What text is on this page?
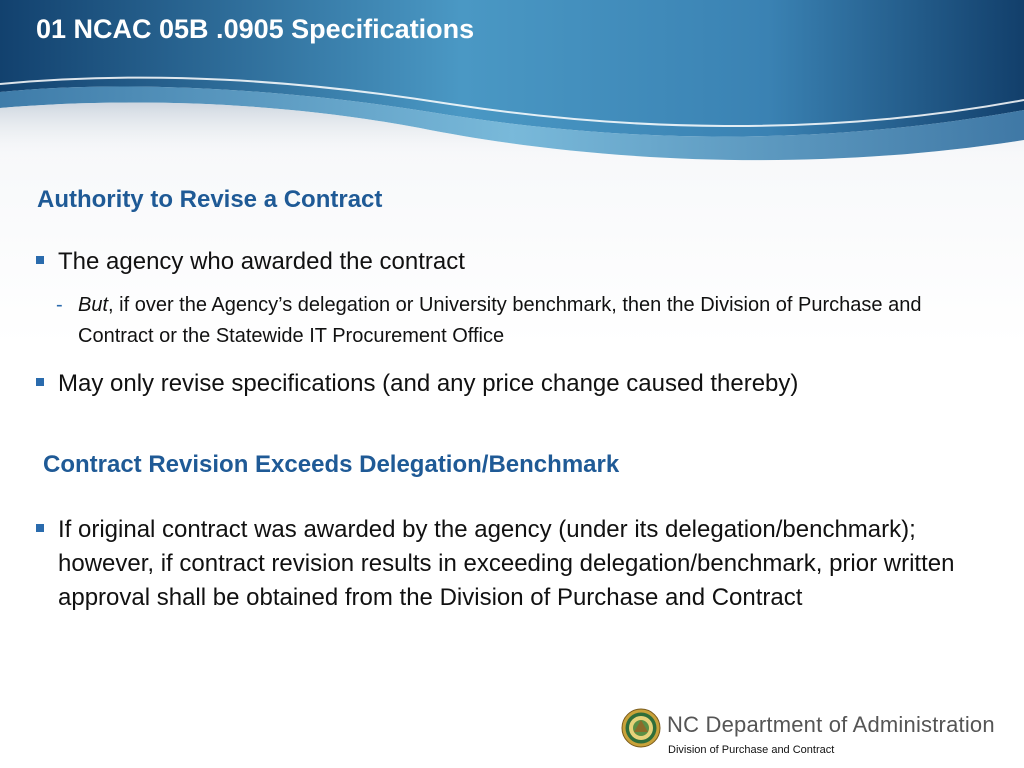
01 NCAC 05B .0905 Specifications
Authority to Revise a Contract

The agency who awarded the contract

- But, if over the Agency’s delegation or University benchmark, then the Division of Purchase and Contract or the Statewide IT Procurement Office

May only revise specifications (and any price change caused thereby)

Contract Revision Exceeds Delegation/Benchmark

If original contract was awarded by the agency (under its delegation/benchmark); however, if contract revision results in exceeding delegation/benchmark, prior written approval shall be obtained from the Division of Purchase and Contract

NC Department of Administration
Division of Purchase and Contract
